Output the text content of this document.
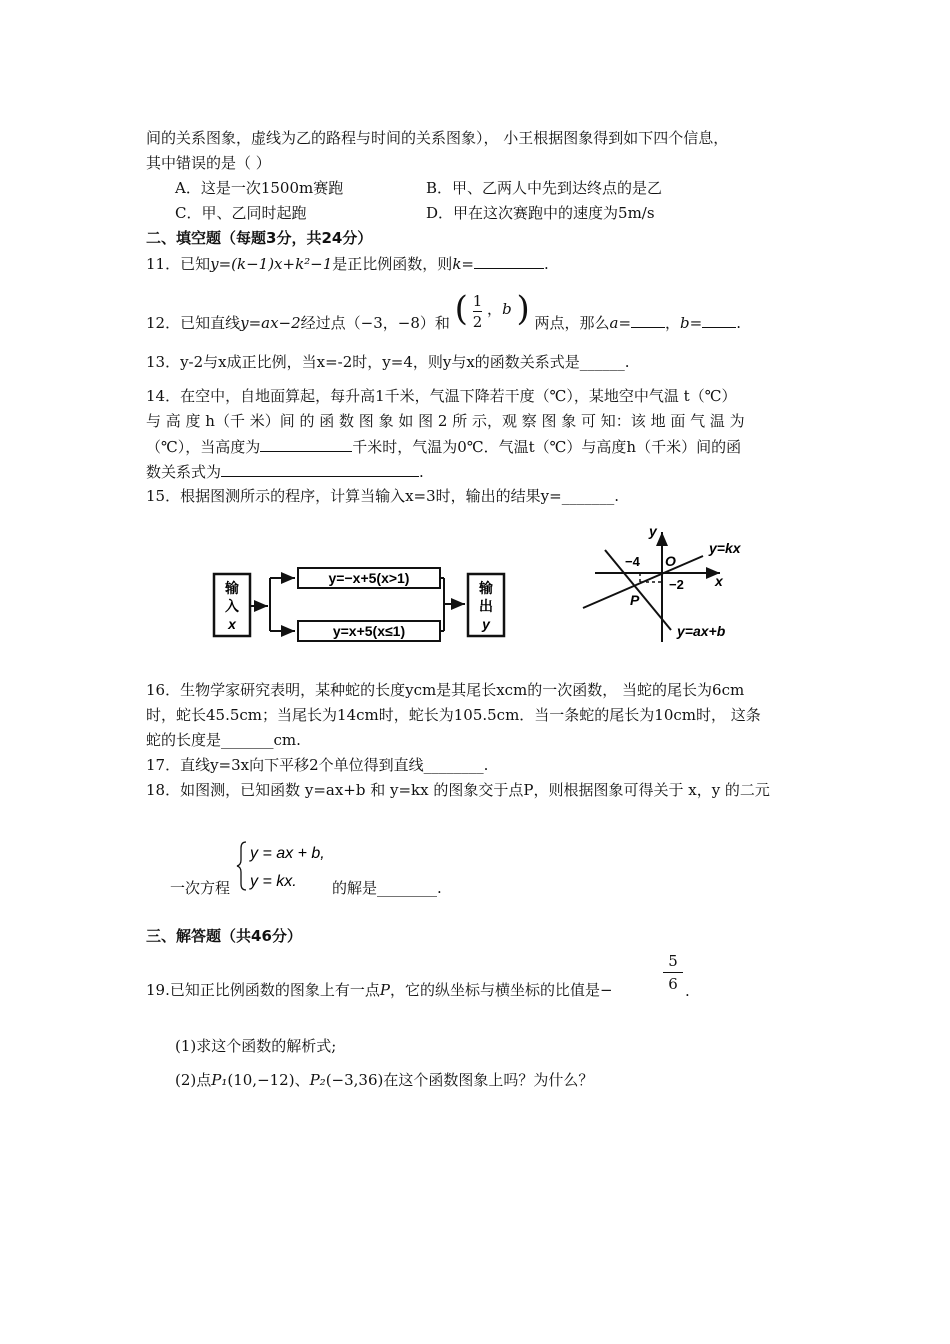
间的关系图象，虚线为乙的路程与时间的关系图象）， 小王根据图象得到如下四个信息，
其中错误的是（ ）
A．这是一次1500m赛跑	B．甲、乙两人中先到达终点的是乙
C．甲、乙同时起跑	D．甲在这次赛跑中的速度为5m/s
二、填空题（每题3分，共24分）
11．已知y=(k−1)x+k²−1是正比例函数，则k=	.
12．已知直线y=ax−2经过点（−3，−8）和 ( $\frac{1}{2}$ ，b ) 两点，那么a= ，b= .
13．y-2与x成正比例，当x=-2时，y=4，则y与x的函数关系式是______.
14．在空中，自地面算起，每升高1千米，气温下降若干度（℃），某地空中气温 t（℃）
与 高 度 h（千 米）间 的 函 数 图 象 如 图 2 所 示，观 察 图 象 可 知：该 地 面 气 温 为
（℃），当高度为	千米时，气温为0℃．气温t（℃）与高度h（千米）间的函
数关系式为	.
15．根据图测所示的程序，计算当输入x=3时，输出的结果y=_______.
输
入
x
y=−x+5(x>1)
y=x+5(x≤1)
输
出
y
y
x
O
−4
−2
P
y=kx
y=ax+b
16．生物学家研究表明，某种蛇的长度ycm是其尾长xcm的一次函数， 当蛇的尾长为6cm
时，蛇长45.5cm；当尾长为14cm时，蛇长为105.5cm．当一条蛇的尾长为10cm时， 这条
蛇的长度是_______cm.
17．直线y=3x向下平移2个单位得到直线________.
18．如图测，已知函数 y=ax+b 和 y=kx 的图象交于点P，则根据图象可得关于 x，y 的二元
一次方程
y = ax + b,
y = kx. 的解是________.
三、解答题（共46分）
19.已知正比例函数的图象上有一点P，它的纵坐标与横坐标的比值是−	$\frac{5}{6}$ .
(1)求这个函数的解析式;
(2)点P₁(10,−12)、P₂(−3,36)在这个函数图象上吗？为什么？
